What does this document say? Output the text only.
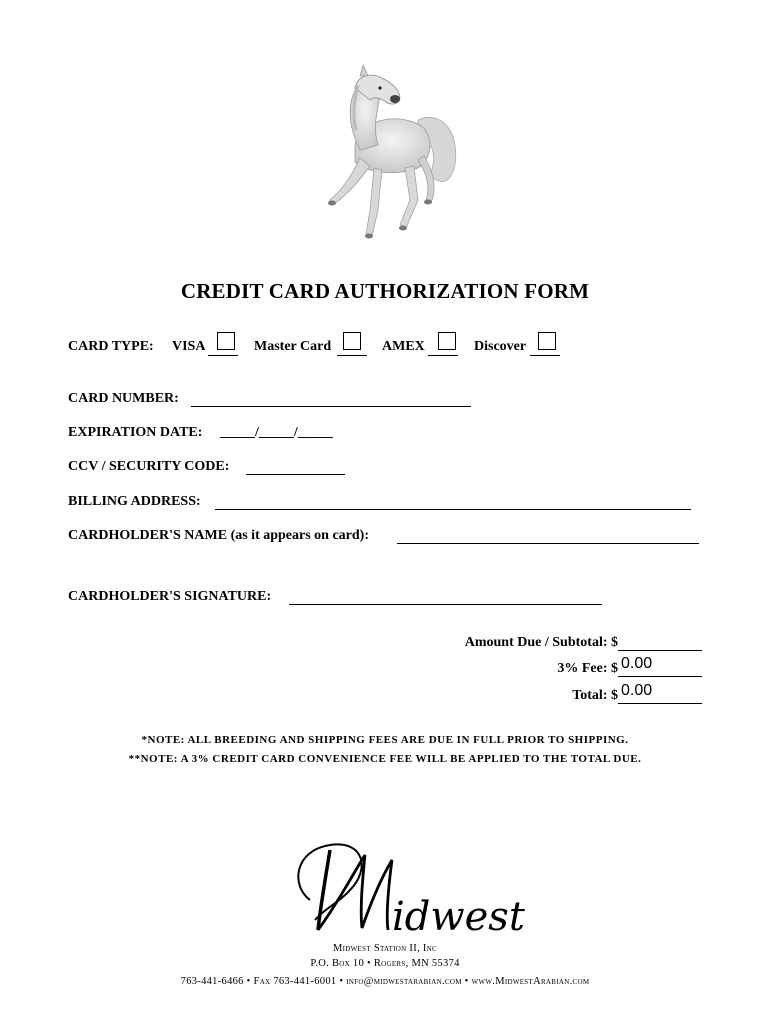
CREDIT CARD AUTHORIZATION FORM
CARD TYPE: VISA	Master Card	AMEX	Discover
CARD NUMBER:
EXPIRATION DATE: _____/_____/_____
CCV / SECURITY CODE:
BILLING ADDRESS:
CARDHOLDER'S NAME (as it appears on card):
CARDHOLDER'S SIGNATURE:
Amount Due / Subtotal: $
3% Fee: $ 0.00
Total: $ 0.00
*NOTE: ALL BREEDING AND SHIPPING FEES ARE DUE IN FULL PRIOR TO SHIPPING.
**NOTE: A 3% CREDIT CARD CONVENIENCE FEE WILL BE APPLIED TO THE TOTAL DUE.
idwest
Midwest Station II, Inc
P.O. Box 10 • Rogers, MN 55374
763-441-6466 • Fax 763-441-6001 • info@midwestarabian.com • www.MidwestArabian.com
